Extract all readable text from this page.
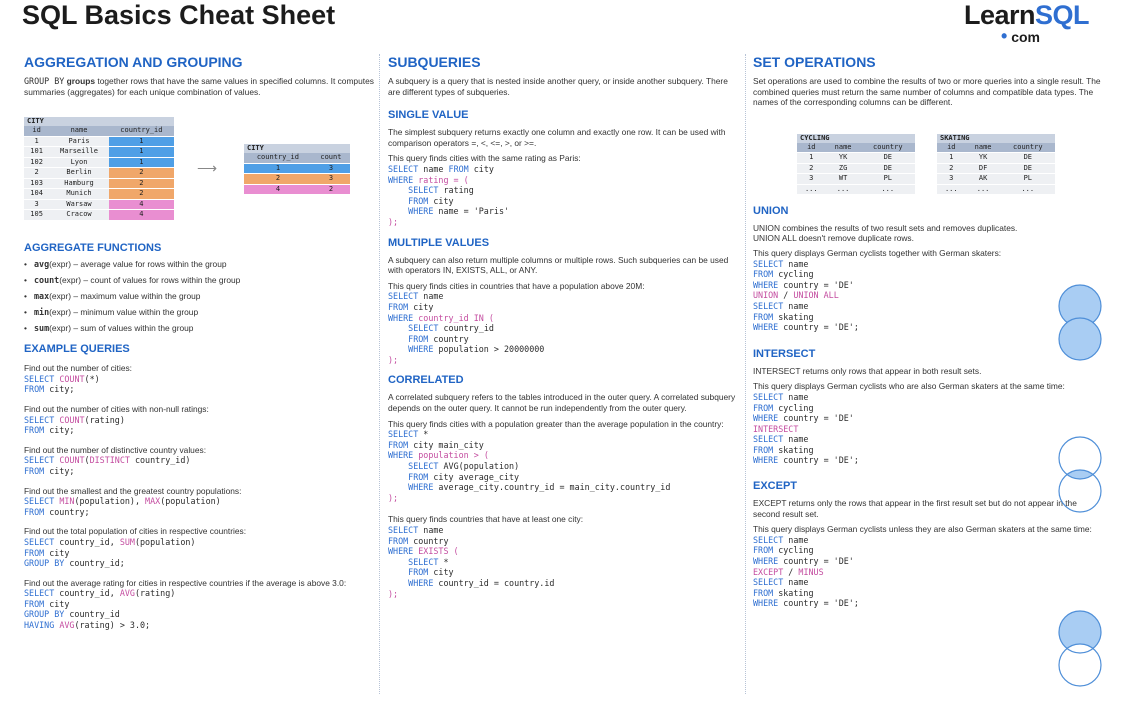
SQL Basics Cheat Sheet	LearnSQL
• com
AGGREGATION AND GROUPING

GROUP BY groups together rows that have the same values in specified columns. It computes summaries (aggregates) for each unique combination of values.

CITY
id	name	country_id
1	Paris	1
101	Marseille	1
102	Lyon	1
2	Berlin	2
103	Hamburg	2
104	Munich	2
3	Warsaw	4
105	Cracow	4
⟶
CITY
country_id	count
1	3
2	3
4	2
AGGREGATE FUNCTIONS
• avg(expr) – average value for rows within the group
• count(expr) – count of values for rows within the group
• max(expr) – maximum value within the group
• min(expr) – minimum value within the group
• sum(expr) – sum of values within the group
EXAMPLE QUERIES

Find out the number of cities:

SELECT COUNT(*)
FROM city;

Find out the number of cities with non-null ratings:

SELECT COUNT(rating)
FROM city;

Find out the number of distinctive country values:

SELECT COUNT(DISTINCT country_id)
FROM city;

Find out the smallest and the greatest country populations:

SELECT MIN(population), MAX(population)
FROM country;

Find out the total population of cities in respective countries:

SELECT country_id, SUM(population)
FROM city
GROUP BY country_id;

Find out the average rating for cities in respective countries if the average is above 3.0:

SELECT country_id, AVG(rating)
FROM city
GROUP BY country_id
HAVING AVG(rating) > 3.0;
SUBQUERIES

A subquery is a query that is nested inside another query, or inside another subquery. There are different types of subqueries.

SINGLE VALUE

The simplest subquery returns exactly one column and exactly one row. It can be used with comparison operators =, <, <=, >, or >=.

This query finds cities with the same rating as Paris:

SELECT name FROM city
WHERE rating = (
SELECT rating
FROM city
WHERE name = 'Paris'
);
MULTIPLE VALUES

A subquery can also return multiple columns or multiple rows. Such subqueries can be used with operators IN, EXISTS, ALL, or ANY.

This query finds cities in countries that have a population above 20M:

SELECT name
FROM city
WHERE country_id IN (
SELECT country_id
FROM country
WHERE population > 20000000
);
CORRELATED

A correlated subquery refers to the tables introduced in the outer query. A correlated subquery depends on the outer query. It cannot be run independently from the outer query.

This query finds cities with a population greater than the average population in the country:

SELECT *
FROM city main_city
WHERE population > (
SELECT AVG(population)
FROM city average_city
WHERE average_city.country_id = main_city.country_id
);

This query finds countries that have at least one city:

SELECT name
FROM country
WHERE EXISTS (
SELECT *
FROM city
WHERE country_id = country.id
);
SET OPERATIONS

Set operations are used to combine the results of two or more queries into a single result. The combined queries must return the same number of columns and compatible data types. The names of the corresponding columns can be different.

CYCLING
id	name	country
1	YK	DE
2	ZG	DE
3	WT	PL
...	...	...
SKATING
id	name	country
1	YK	DE
2	DF	DE
3	AK	PL
...	...	...
UNION

UNION combines the results of two result sets and removes duplicates.

UNION ALL doesn't remove duplicate rows.

This query displays German cyclists together with German skaters:

SELECT name
FROM cycling
WHERE country = 'DE'
UNION / UNION ALL
SELECT name
FROM skating
WHERE country = 'DE';
INTERSECT

INTERSECT returns only rows that appear in both result sets.

This query displays German cyclists who are also German skaters at the same time:

SELECT name
FROM cycling
WHERE country = 'DE'
INTERSECT
SELECT name
FROM skating
WHERE country = 'DE';
EXCEPT

EXCEPT returns only the rows that appear in the first result set but do not appear in the second result set.

This query displays German cyclists unless they are also German skaters at the same time:

SELECT name
FROM cycling
WHERE country = 'DE'
EXCEPT / MINUS
SELECT name
FROM skating
WHERE country = 'DE';
